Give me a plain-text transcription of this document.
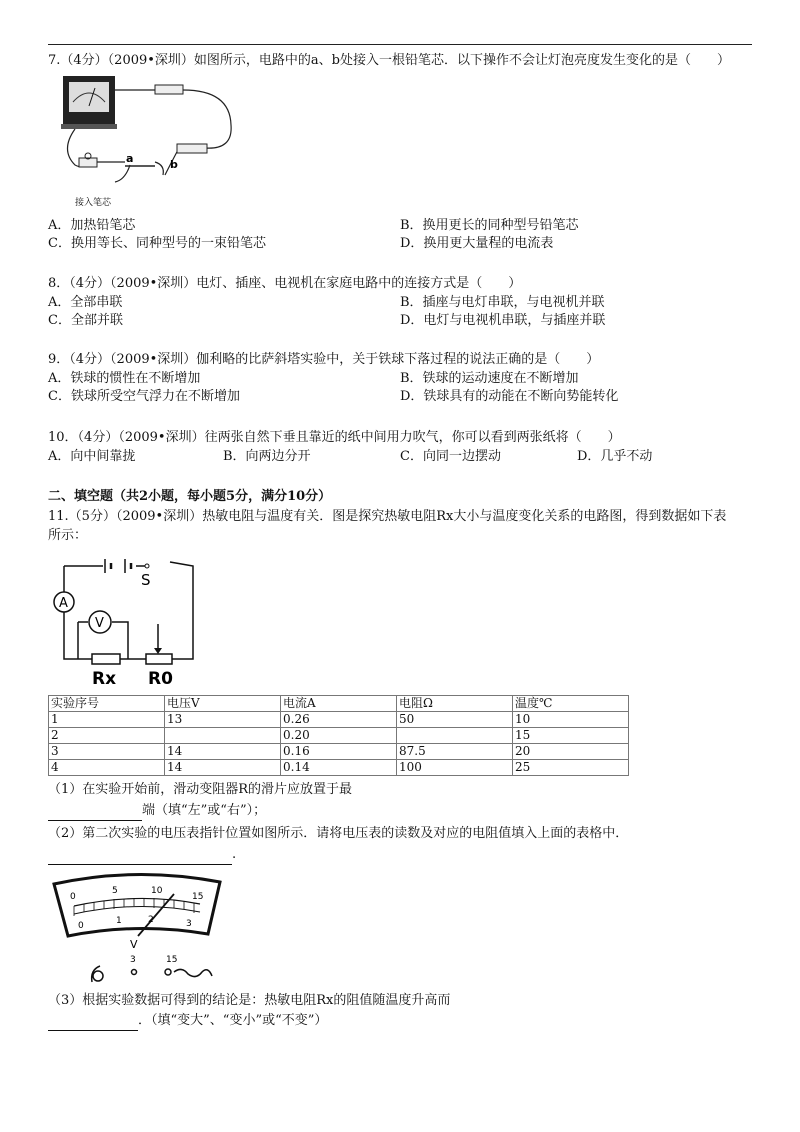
7.（4分）（2009•深圳）如图所示，电路中的a、b处接入一根铅笔芯．以下操作不会让灯泡亮度发生变化的是（　　）
a	b
接入笔芯
A．加热铅笔芯	B．换用更长的同种型号铅笔芯
C．换用等长、同种型号的一束铅笔芯	D．换用更大量程的电流表
8．（4分）（2009•深圳）电灯、插座、电视机在家庭电路中的连接方式是（　　）
A．全部串联	B．插座与电灯串联，与电视机并联
C．全部并联	D．电灯与电视机串联，与插座并联
9．（4分）（2009•深圳）伽利略的比萨斜塔实验中，关于铁球下落过程的说法正确的是（　　）
A．铁球的惯性在不断增加	B．铁球的运动速度在不断增加
C．铁球所受空气浮力在不断增加	D．铁球具有的动能在不断向势能转化
10．（4分）（2009•深圳）往两张自然下垂且靠近的纸中间用力吹气，你可以看到两张纸将（　　）
A．向中间靠拢	B．向两边分开	C．向同一边摆动	D．几乎不动
二、填空题（共2小题，每小题5分，满分10分）
11.（5分）（2009•深圳）热敏电阻与温度有关．图是探究热敏电阻Rx大小与温度变化关系的电路图，得到数据如下表
所示：
S
A
V
Rx R0
实验序号	电压V	电流A	电阻Ω	温度℃
1	13	0.26	50	10
2		0.20		15
3	14	0.16	87.5	20
4	14	0.14	100	25
（1）在实验开始前，滑动变阻器R的滑片应放置于最
端（填“左”或“右”）；
（2）第二次实验的电压表指针位置如图所示．请将电压表的读数及对应的电阻值填入上面的表格中．
.
0
5	10
15
0	1	2	3
V
3	15
（3）根据实验数据可得到的结论是：热敏电阻Rx的阻值随温度升高而
．（填“变大”、“变小”或“不变”）
